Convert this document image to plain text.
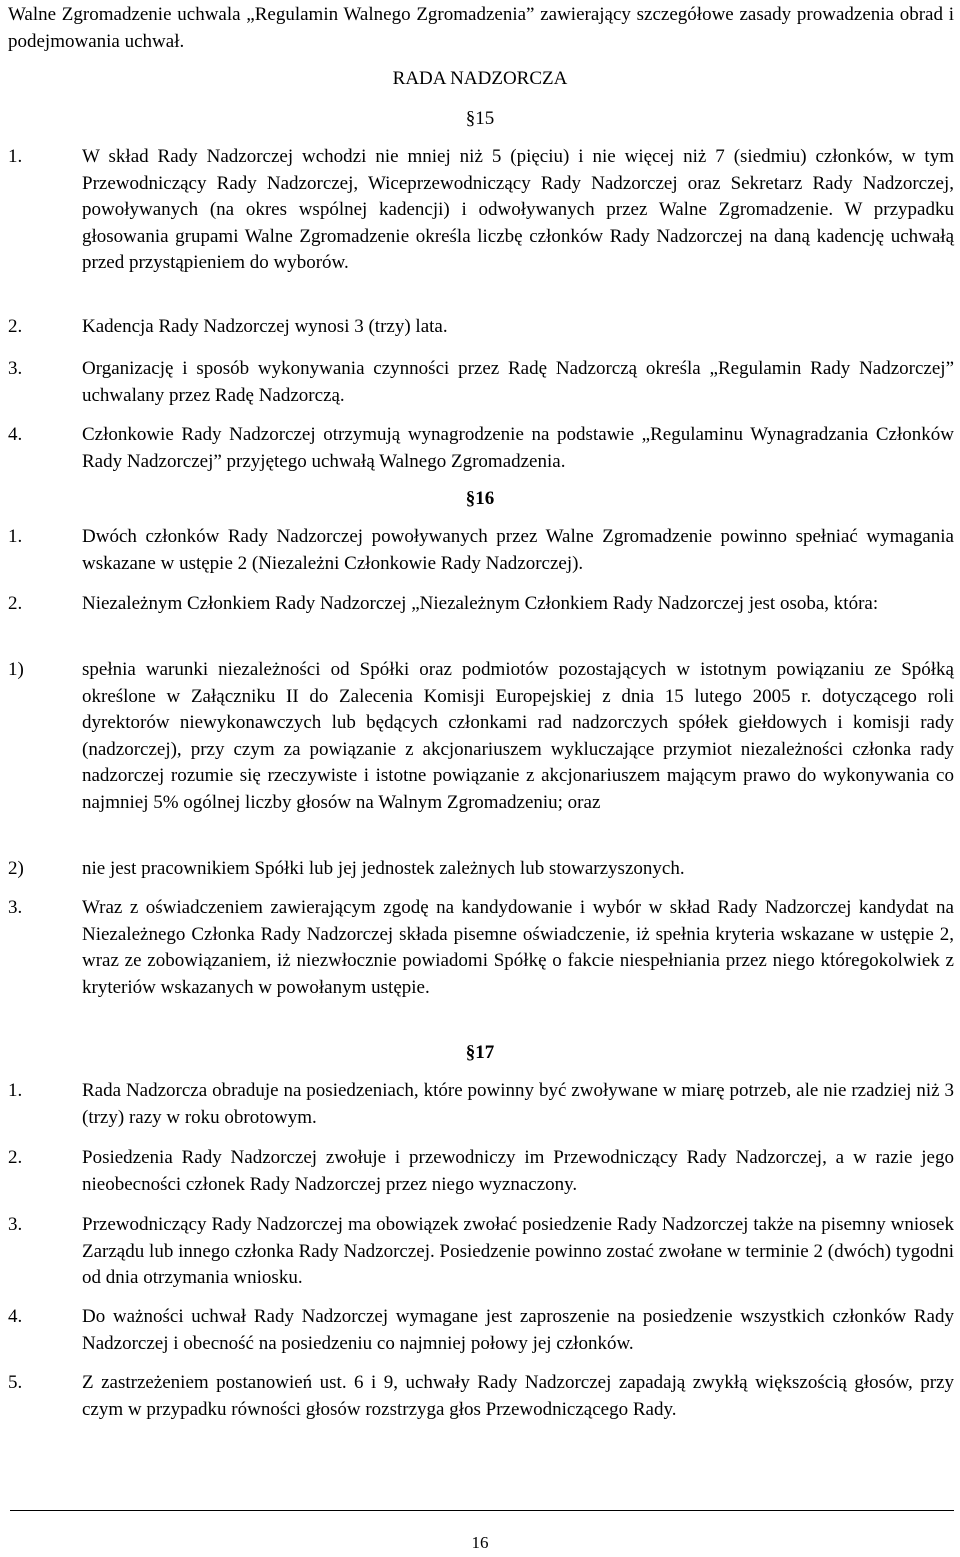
Walne Zgromadzenie uchwala „Regulamin Walnego Zgromadzenia” zawierający szczegółowe zasady prowadzenia obrad i podejmowania uchwał.
RADA NADZORCZA
§15
1.	W skład Rady Nadzorczej wchodzi nie mniej niż 5 (pięciu) i nie więcej niż 7 (siedmiu) członków, w tym Przewodniczący Rady Nadzorczej, Wiceprzewodniczący Rady Nadzorczej oraz Sekretarz Rady Nadzorczej, powoływanych (na okres wspólnej kadencji) i odwoływanych przez Walne Zgromadzenie. W przypadku głosowania grupami Walne Zgromadzenie określa liczbę członków Rady Nadzorczej na daną kadencję uchwałą przed przystąpieniem do wyborów.
2.	Kadencja Rady Nadzorczej wynosi 3 (trzy) lata.
3.	Organizację i sposób wykonywania czynności przez Radę Nadzorczą określa „Regulamin Rady Nadzorczej” uchwalany przez Radę Nadzorczą.
4.	Członkowie Rady Nadzorczej otrzymują wynagrodzenie na podstawie „Regulaminu Wynagradzania Członków Rady Nadzorczej” przyjętego uchwałą Walnego Zgromadzenia.
§16
1.	Dwóch członków Rady Nadzorczej powoływanych przez Walne Zgromadzenie powinno spełniać wymagania wskazane w ustępie 2 (Niezależni Członkowie Rady Nadzorczej).
2.	Niezależnym Członkiem Rady Nadzorczej „Niezależnym Członkiem Rady Nadzorczej jest osoba, która:
1)	spełnia warunki niezależności od Spółki oraz podmiotów pozostających w istotnym powiązaniu ze Spółką określone w Załączniku II do Zalecenia Komisji Europejskiej z dnia 15 lutego 2005 r. dotyczącego roli dyrektorów niewykonawczych lub będących członkami rad nadzorczych spółek giełdowych i komisji rady (nadzorczej), przy czym za powiązanie z akcjonariuszem wykluczające przymiot niezależności członka rady nadzorczej rozumie się rzeczywiste i istotne powiązanie z akcjonariuszem mającym prawo do wykonywania co najmniej 5% ogólnej liczby głosów na Walnym Zgromadzeniu; oraz
2)	nie jest pracownikiem Spółki lub jej jednostek zależnych lub stowarzyszonych.
3.	Wraz z oświadczeniem zawierającym zgodę na kandydowanie i wybór w skład Rady Nadzorczej kandydat na Niezależnego Członka Rady Nadzorczej składa pisemne oświadczenie, iż spełnia kryteria wskazane w ustępie 2, wraz ze zobowiązaniem, iż niezwłocznie powiadomi Spółkę o fakcie niespełniania przez niego któregokolwiek z kryteriów wskazanych w powołanym ustępie.
§17
1.	Rada Nadzorcza obraduje na posiedzeniach, które powinny być zwoływane w miarę potrzeb, ale nie rzadziej niż 3 (trzy) razy w roku obrotowym.
2.	Posiedzenia Rady Nadzorczej zwołuje i przewodniczy im Przewodniczący Rady Nadzorczej, a w razie jego nieobecności członek Rady Nadzorczej przez niego wyznaczony.
3.	Przewodniczący Rady Nadzorczej ma obowiązek zwołać posiedzenie Rady Nadzorczej także na pisemny wniosek Zarządu lub innego członka Rady Nadzorczej. Posiedzenie powinno zostać zwołane w terminie 2 (dwóch) tygodni od dnia otrzymania wniosku.
4.	Do ważności uchwał Rady Nadzorczej wymagane jest zaproszenie na posiedzenie wszystkich członków Rady Nadzorczej i obecność na posiedzeniu co najmniej połowy jej członków.
5.	Z zastrzeżeniem postanowień ust. 6 i 9, uchwały Rady Nadzorczej zapadają zwykłą większością głosów, przy czym w przypadku równości głosów rozstrzyga głos Przewodniczącego Rady.
16
